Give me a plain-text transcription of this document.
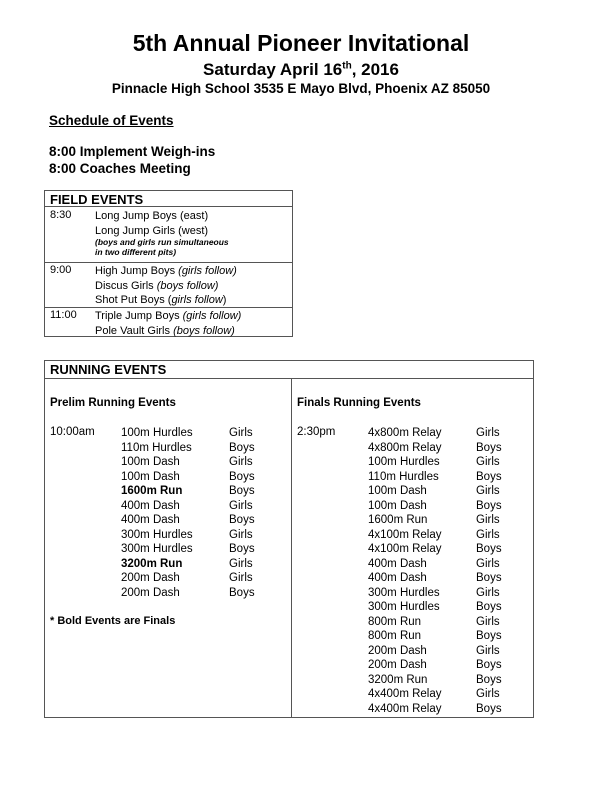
5th Annual Pioneer Invitational
Saturday April 16th, 2016
Pinnacle High School 3535 E Mayo Blvd, Phoenix AZ 85050
Schedule of Events
8:00 Implement Weigh-ins
8:00 Coaches Meeting
FIELD EVENTS
8:30 Long Jump Boys (east)
Long Jump Girls (west)
(boys and girls run simultaneous
in two different pits)
9:00 High Jump Boys (girls follow)
Discus Girls (boys follow)
Shot Put Boys (girls follow)
11:00 Triple Jump Boys (girls follow)
Pole Vault Girls (boys follow)
RUNNING EVENTS
Prelim Running Events
10:00am 100m Hurdles	Girls
110m Hurdles	Boys
100m Dash	Girls
100m Dash	Boys
1600m Run	Boys
400m Dash	Girls
400m Dash	Boys
300m Hurdles	Girls
300m Hurdles	Boys
3200m Run	Girls
200m Dash	Girls
200m Dash	Boys
* Bold Events are Finals
Finals Running Events
2:30pm	4x800m Relay	Girls
4x800m Relay	Boys
100m Hurdles	Girls
110m Hurdles	Boys
100m Dash	Girls
100m Dash	Boys
1600m Run	Girls
4x100m Relay	Girls
4x100m Relay	Boys
400m Dash	Girls
400m Dash	Boys
300m Hurdles	Girls
300m Hurdles	Boys
800m Run	Girls
800m Run	Boys
200m Dash	Girls
200m Dash	Boys
3200m Run	Boys
4x400m Relay	Girls
4x400m Relay	Boys
